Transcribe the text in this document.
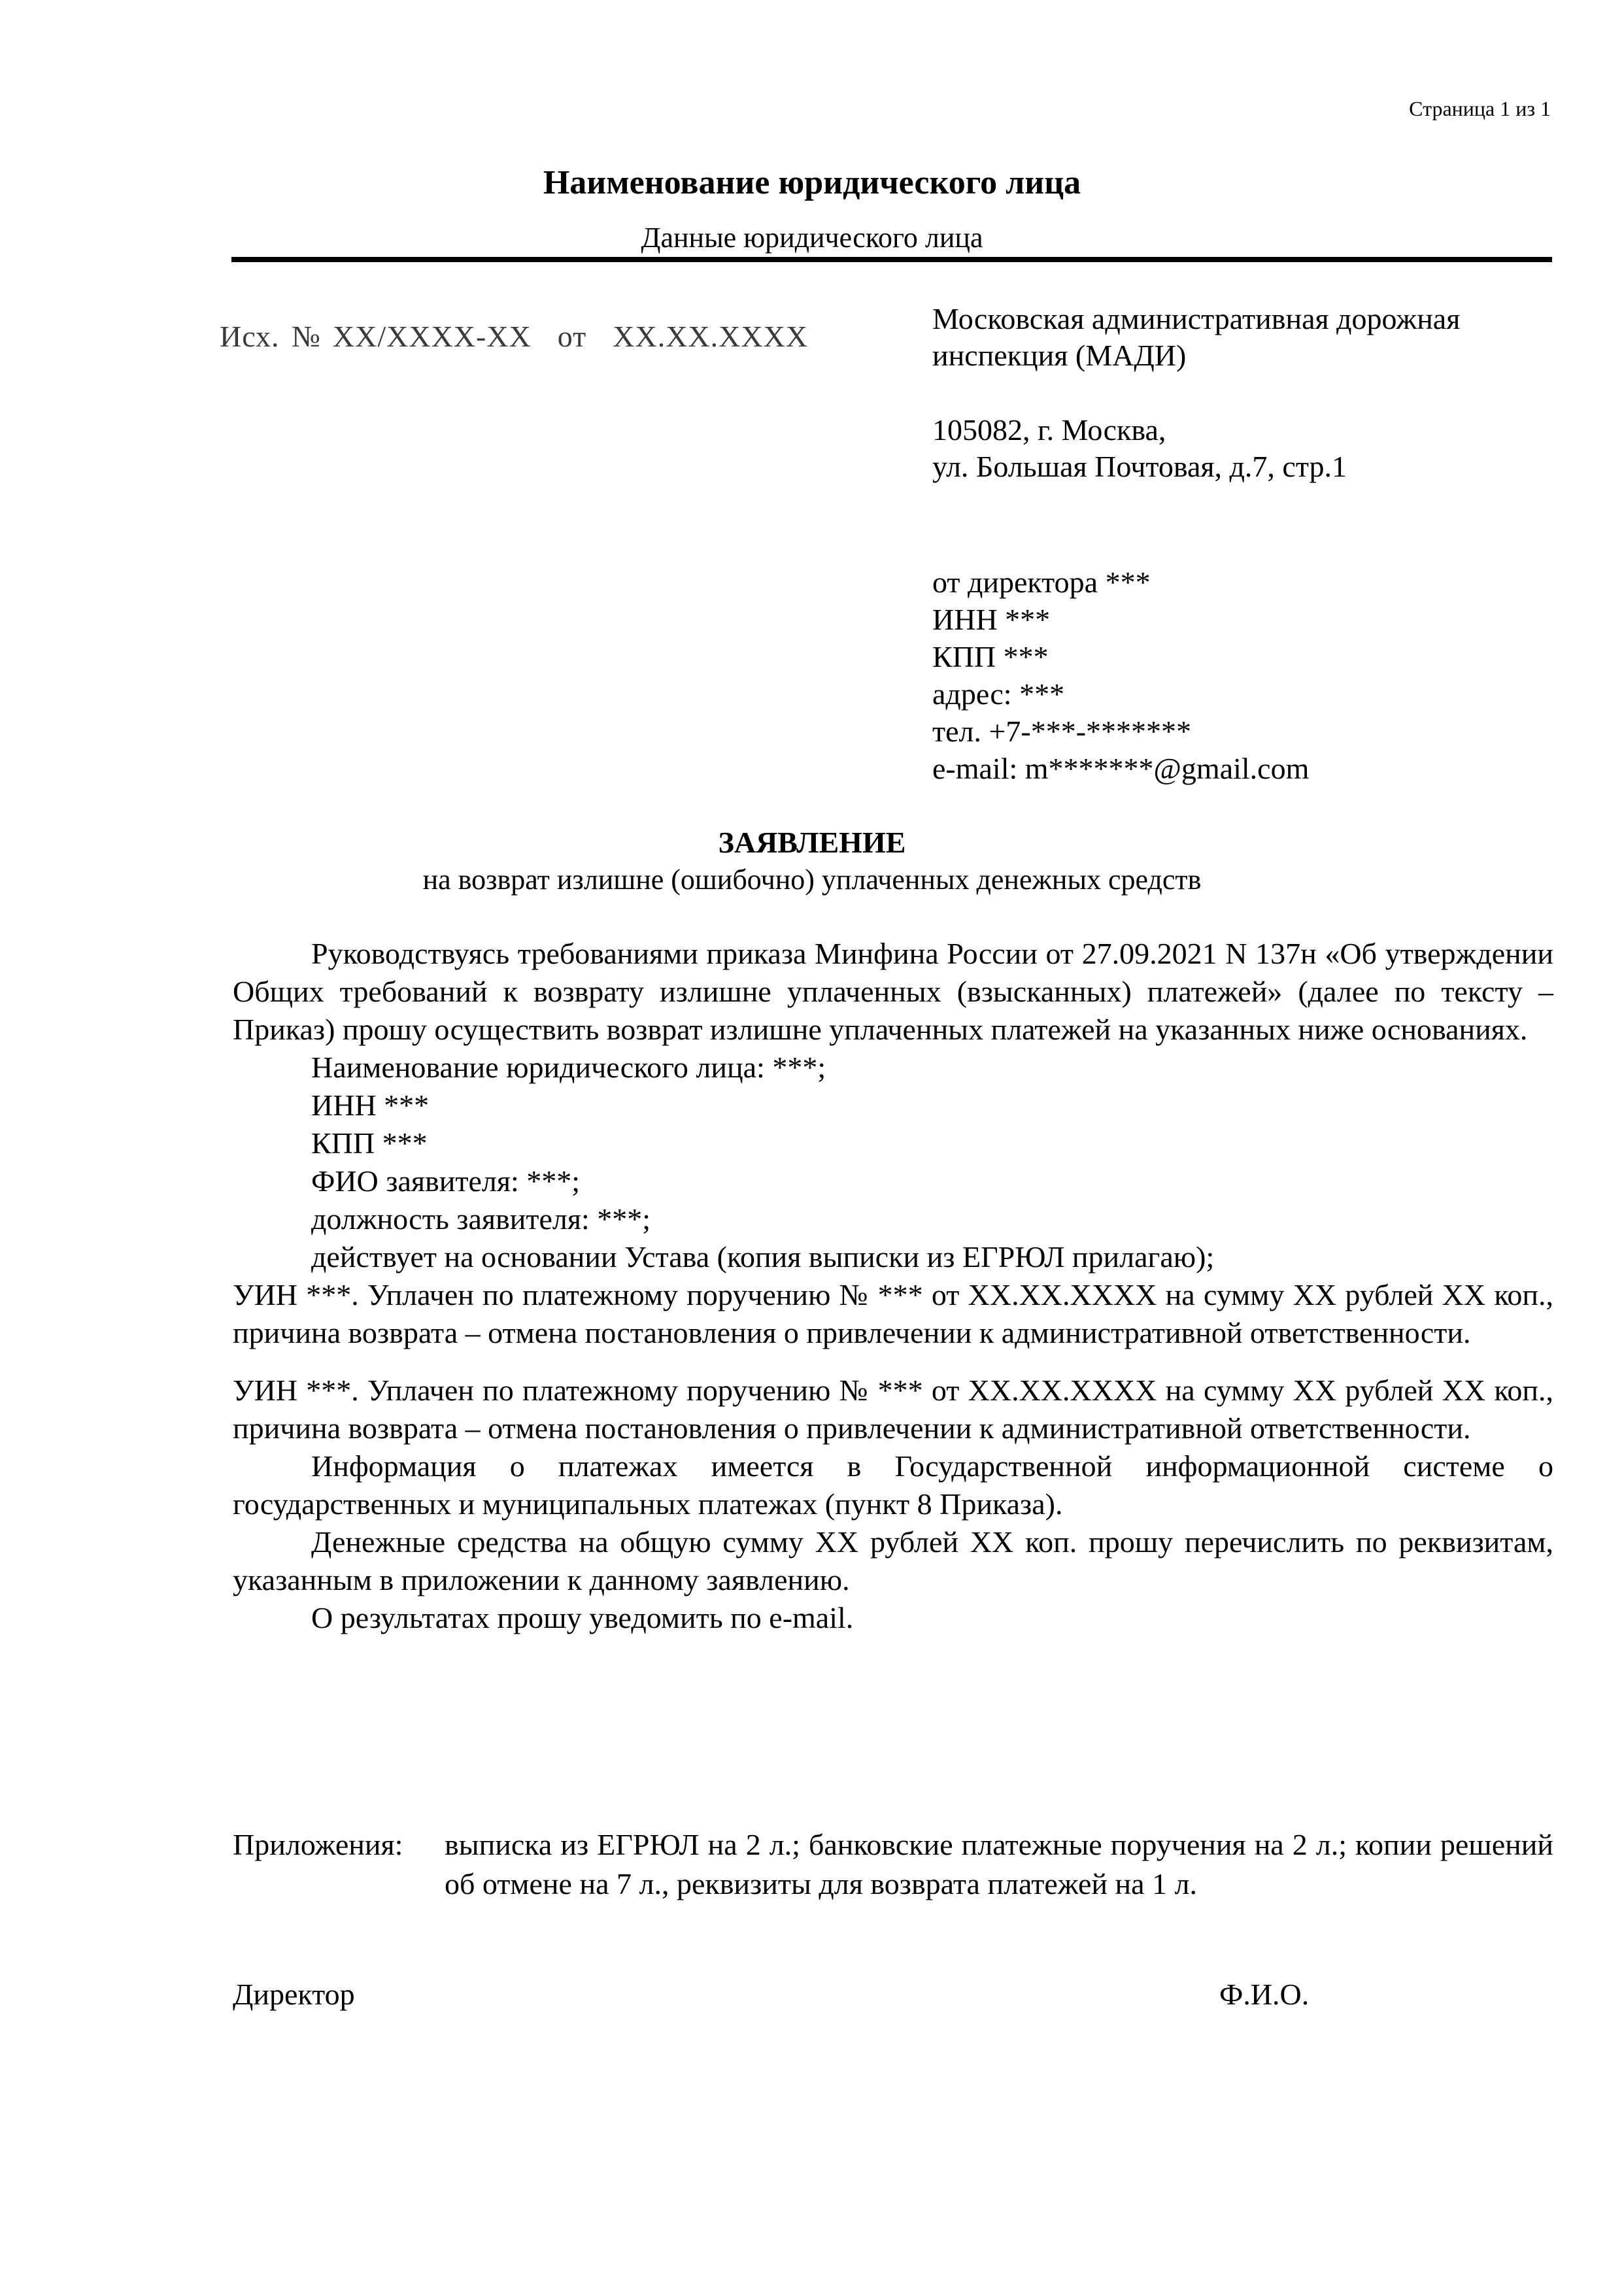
Страница 1 из 1
Наименование юридического лица
Данные юридического лица
Исх. № XX/XXXX-XX от XX.XX.XXXX
Московская административная дорожная
инспекция (МАДИ)
105082, г. Москва,
ул. Большая Почтовая, д.7, стр.1
от директора ***
ИНН ***
КПП ***
адрес: ***
тел. +7-***-*******
e-mail: m*******@gmail.com
ЗАЯВЛЕНИЕ
на возврат излишне (ошибочно) уплаченных денежных средств

Руководствуясь требованиями приказа Минфина России от 27.09.2021 N 137н «Об утверждении Общих требований к возврату излишне уплаченных (взысканных) платежей» (далее по тексту – Приказ) прошу осуществить возврат излишне уплаченных платежей на указанных ниже основаниях.

Наименование юридического лица: ***;
ИНН ***
КПП ***
ФИО заявителя: ***;
должность заявителя: ***;
действует на основании Устава (копия выписки из ЕГРЮЛ прилагаю);

УИН ***. Уплачен по платежному поручению № *** от XX.XX.XXXX на сумму XX рублей XX коп., причина возврата – отмена постановления о привлечении к административной ответственности.

УИН ***. Уплачен по платежному поручению № *** от XX.XX.XXXX на сумму XX рублей XX коп., причина возврата – отмена постановления о привлечении к административной ответственности.

Информация о платежах имеется в Государственной информационной системе о государственных и муниципальных платежах (пункт 8 Приказа).

Денежные средства на общую сумму XX рублей XX коп. прошу перечислить по реквизитам, указанным в приложении к данному заявлению.

О результатах прошу уведомить по e-mail.

Приложения: выписка из ЕГРЮЛ на 2 л.; банковские платежные поручения на 2 л.; копии решений об отмене на 7 л., реквизиты для возврата платежей на 1 л.
Директор	Ф.И.О.
